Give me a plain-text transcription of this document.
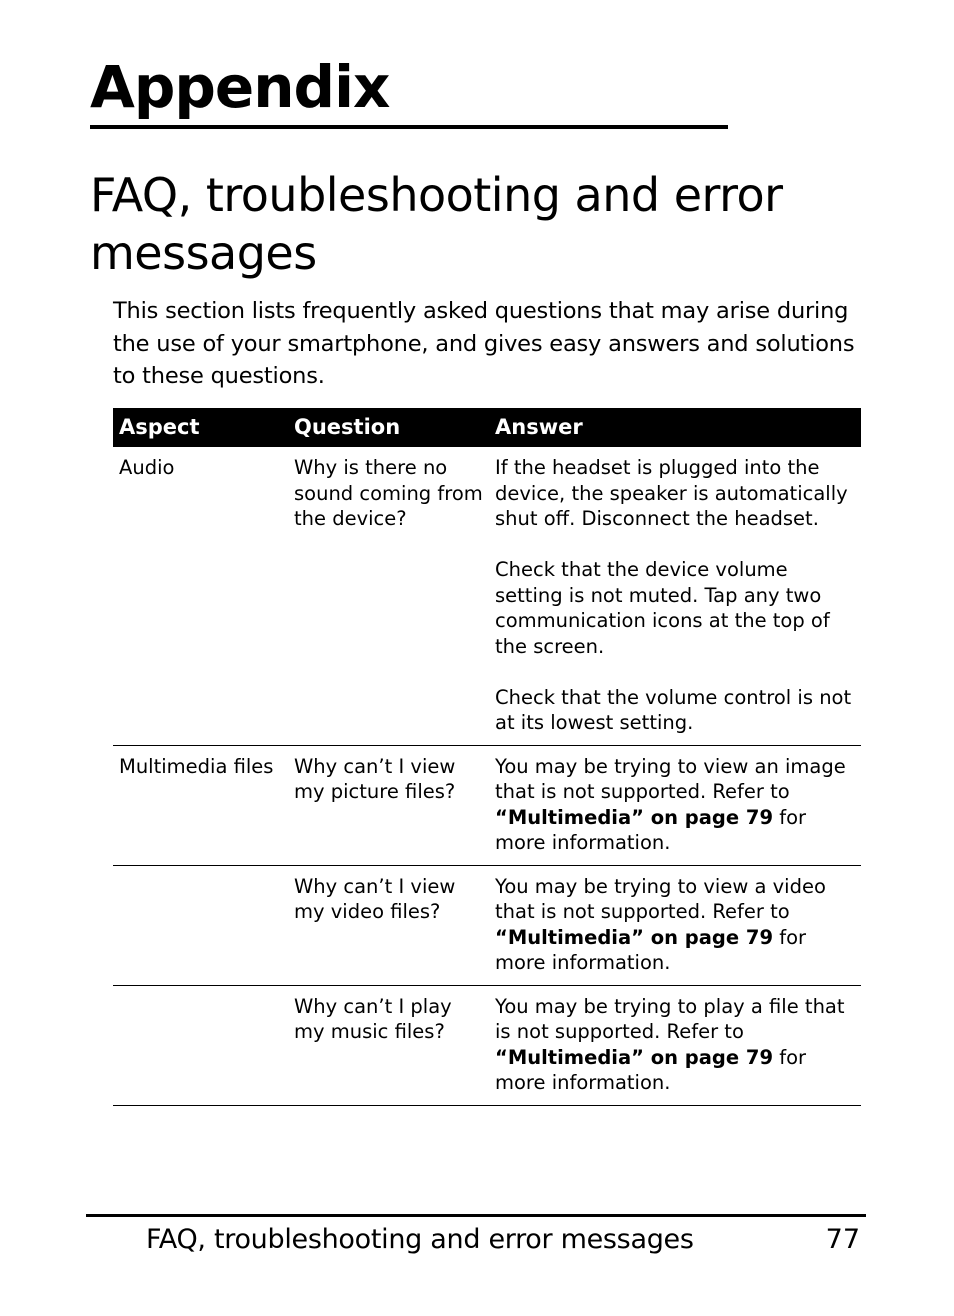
Appendix
FAQ, troubleshooting and error messages

This section lists frequently asked questions that may arise during the use of your smartphone, and gives easy answers and solutions to these questions.

Aspect	Question	Answer
Audio	Why is there no sound coming from the device?	If the headset is plugged into the device, the speaker is automatically shut off. Disconnect the headset.

Check that the device volume setting is not muted. Tap any two communication icons at the top of the screen.

Check that the volume control is not at its lowest setting.

Multimedia files	Why can’t I view my picture files?	You may be trying to view an image that is not supported. Refer to “Multimedia” on page 79 for more information.
	Why can’t I view my video files?	You may be trying to view a video that is not supported. Refer to “Multimedia” on page 79 for more information.
	Why can’t I play my music files?	You may be trying to play a file that is not supported. Refer to “Multimedia” on page 79 for more information.
FAQ, troubleshooting and error messages	77
